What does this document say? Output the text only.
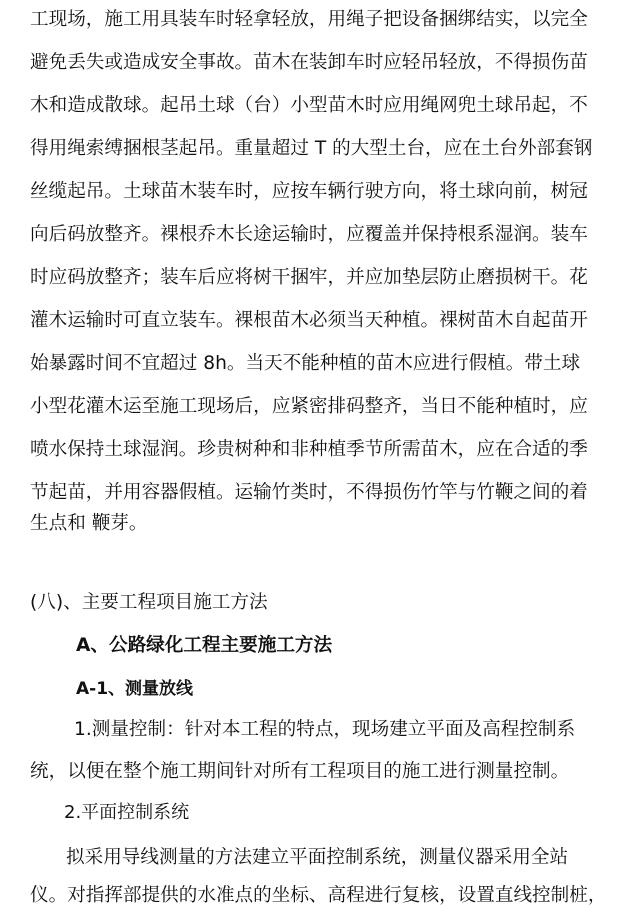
工现场，施工用具装车时轻拿轻放，用绳子把设备捆绑结实，以完全
避免丢失或造成安全事故。苗木在装卸车时应轻吊轻放，不得损伤苗
木和造成散球。起吊土球（台）小型苗木时应用绳网兜土球吊起，不
得用绳索缚捆根茎起吊。重量超过 T 的大型土台，应在土台外部套钢
丝缆起吊。土球苗木装车时，应按车辆行驶方向，将土球向前，树冠
向后码放整齐。裸根乔木长途运输时，应覆盖并保持根系湿润。装车
时应码放整齐；装车后应将树干捆牢，并应加垫层防止磨损树干。花
灌木运输时可直立装车。裸根苗木必须当天种植。裸树苗木自起苗开
始暴露时间不宜超过 8h。当天不能种植的苗木应进行假植。带土球
小型花灌木运至施工现场后，应紧密排码整齐，当日不能种植时，应
喷水保持土球湿润。珍贵树种和非种植季节所需苗木，应在合适的季
节起苗，并用容器假植。运输竹类时，不得损伤竹竿与竹鞭之间的着
生点和 鞭芽。
(八)、主要工程项目施工方法
A、公路绿化工程主要施工方法
A-1、测量放线
1.测量控制：针对本工程的特点，现场建立平面及高程控制系
统，以便在整个施工期间针对所有工程项目的施工进行测量控制。
2.平面控制系统
拟采用导线测量的方法建立平面控制系统，测量仪器采用全站
仪。对指挥部提供的水准点的坐标、高程进行复核，设置直线控制桩，
